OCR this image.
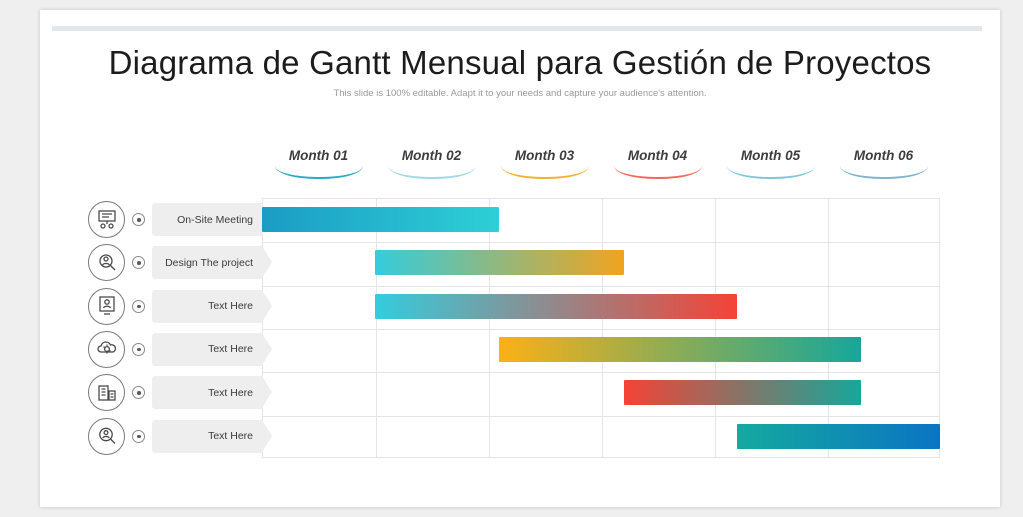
Diagrama de Gantt Mensual para Gestión de Proyectos
This slide is 100% editable. Adapt it to your needs and capture your audience's attention.
Month 01	Month 02	Month 03	Month 04	Month 05	Month 06
On-Site Meeting
Design The project
Text Here
Text Here
Text Here
Text Here
